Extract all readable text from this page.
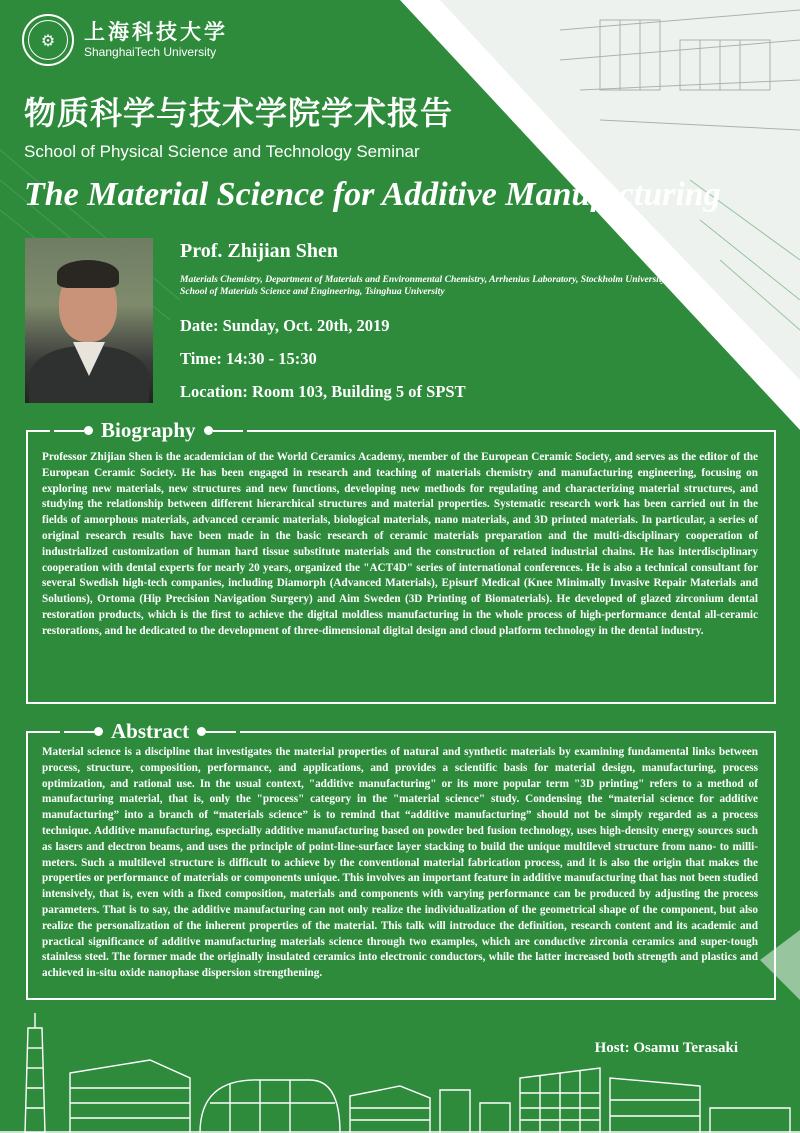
⚙	上海科技大学
ShanghaiTech University
物质科学与技术学院学术报告
School of Physical Science and Technology Seminar
The Material Science for Additive Manufacturing
Prof. Zhijian Shen
Materials Chemistry, Department of Materials and Environmental Chemistry, Arrhenius Laboratory, Stockholm University
School of Materials Science and Engineering, Tsinghua University
Date: Sunday, Oct. 20th, 2019
Time: 14:30 - 15:30
Location: Room 103, Building 5 of SPST
Biography
Professor Zhijian Shen is the academician of the World Ceramics Academy, member of the European Ceramic Society, and serves as the editor of the European Ceramic Society. He has been engaged in research and teaching of materials chemistry and manufacturing engineering, focusing on exploring new materials, new structures and new functions, developing new methods for regulating and characterizing material structures, and studying the relationship between different hierarchical structures and material properties. Systematic research work has been carried out in the fields of amorphous materials, advanced ceramic materials, biological materials, nano materials, and 3D printed materials. In particular, a series of original research results have been made in the basic research of ceramic materials preparation and the multi-disciplinary cooperation of industrialized customization of human hard tissue substitute materials and the construction of related industrial chains. He has interdisciplinary cooperation with dental experts for nearly 20 years, organized the "ACT4D" series of international conferences. He is also a technical consultant for several Swedish high-tech companies, including Diamorph (Advanced Materials), Episurf Medical (Knee Minimally Invasive Repair Materials and Solutions), Ortoma (Hip Precision Navigation Surgery) and Aim Sweden (3D Printing of Biomaterials). He developed of glazed zirconium dental restoration products, which is the first to achieve the digital moldless manufacturing in the whole process of high-performance dental all-ceramic restorations, and he dedicated to the development of three-dimensional digital design and cloud platform technology in the dental industry.
Abstract
Material science is a discipline that investigates the material properties of natural and synthetic materials by examining fundamental links between process, structure, composition, performance, and applications, and provides a scientific basis for material design, manufacturing, process optimization, and rational use. In the usual context, "additive manufacturing" or its more popular term "3D printing" refers to a method of manufacturing material, that is, only the "process" category in the "material science" study. Condensing the “material science for additive manufacturing” into a branch of “materials science” is to remind that “additive manufacturing” should not be simply regarded as a process technique. Additive manufacturing, especially additive manufacturing based on powder bed fusion technology, uses high-density energy sources such as lasers and electron beams, and uses the principle of point-line-surface layer stacking to build the unique multilevel structure from nano- to milli-meters. Such a multilevel structure is difficult to achieve by the conventional material fabrication process, and it is also the origin that makes the properties or performance of materials or components unique. This involves an important feature in additive manufacturing that has not been studied intensively, that is, even with a fixed composition, materials and components with varying performance can be produced by adjusting the process parameters. That is to say, the additive manufacturing can not only realize the individualization of the geometrical shape of the component, but also realize the personalization of the inherent properties of the material. This talk will introduce the definition, research content and its academic and practical significance of additive manufacturing materials science through two examples, which are conductive zirconia ceramics and super-tough stainless steel. The former made the originally insulated ceramics into electronic conductors, while the latter increased both strength and plastics and achieved in-situ oxide nanophase dispersion strengthening.
Host: Osamu Terasaki
